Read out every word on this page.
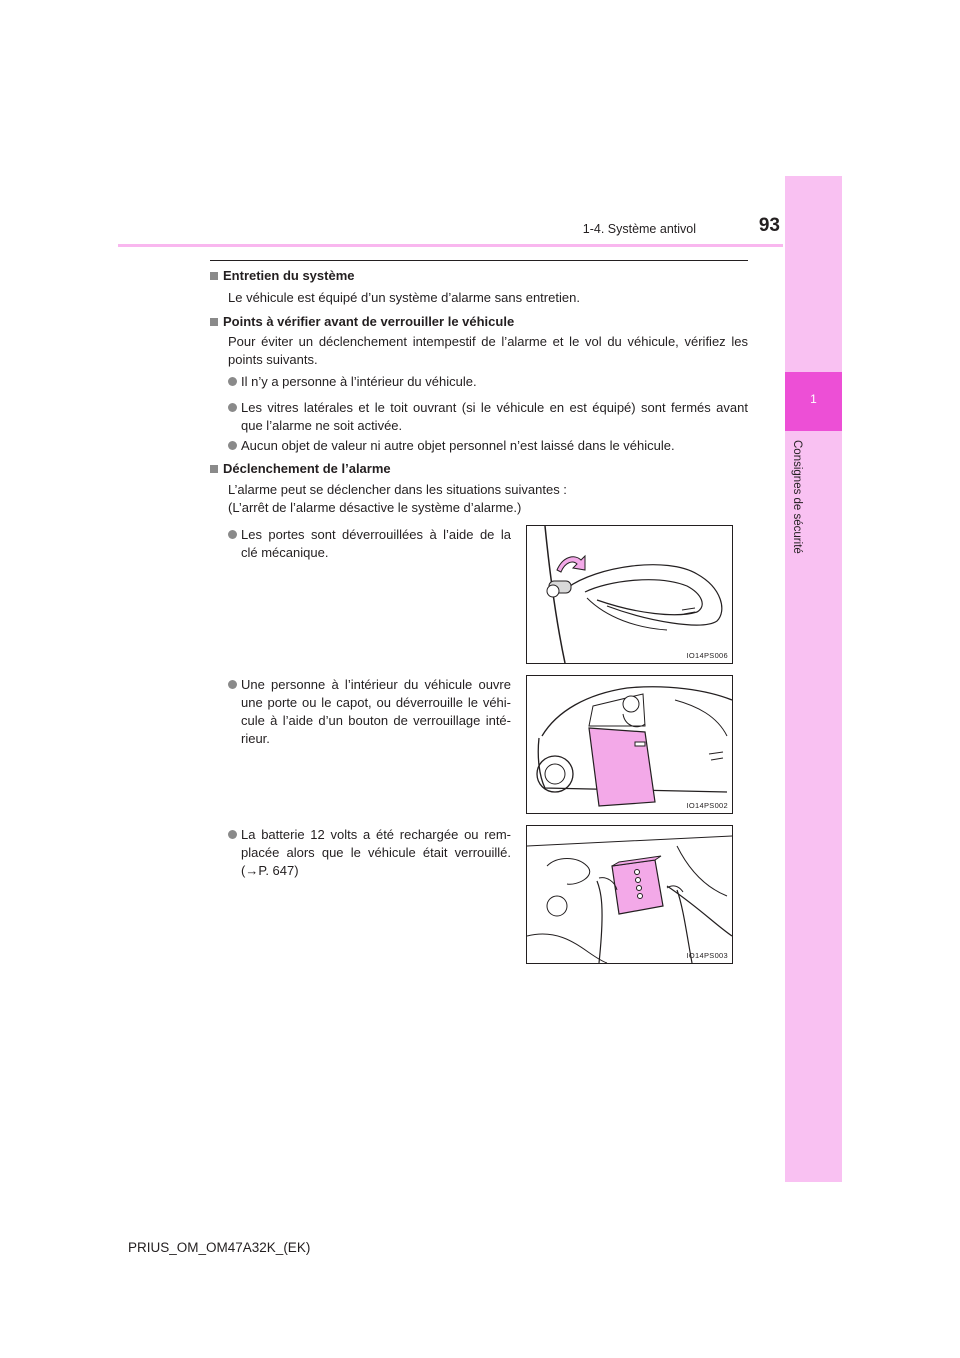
1
Consignes de sécurité
1-4. Système antivol	93
Entretien du système
Le véhicule est équipé d’un système d’alarme sans entretien.
Points à vérifier avant de verrouiller le véhicule
Pour éviter un déclenchement intempestif de l’alarme et le vol du véhicule, vérifiez les
points suivants.
Il n’y a personne à l’intérieur du véhicule.
Les vitres latérales et le toit ouvrant (si le véhicule en est équipé) sont fermés avant
que l’alarme ne soit activée.
Aucun objet de valeur ni autre objet personnel n’est laissé dans le véhicule.
Déclenchement de l’alarme
L’alarme peut se déclencher dans les situations suivantes :
(L’arrêt de l’alarme désactive le système d’alarme.)
Les portes sont déverrouillées à l’aide de la
clé mécanique.
IO14PS006
Une personne à l’intérieur du véhicule ouvre
une porte ou le capot, ou déverrouille le véhi-
cule à l’aide d’un bouton de verrouillage inté-
rieur.
IO14PS002
La batterie 12 volts a été rechargée ou rem-
placée alors que le véhicule était verrouillé.
(→P. 647)
IO14PS003
PRIUS_OM_OM47A32K_(EK)
